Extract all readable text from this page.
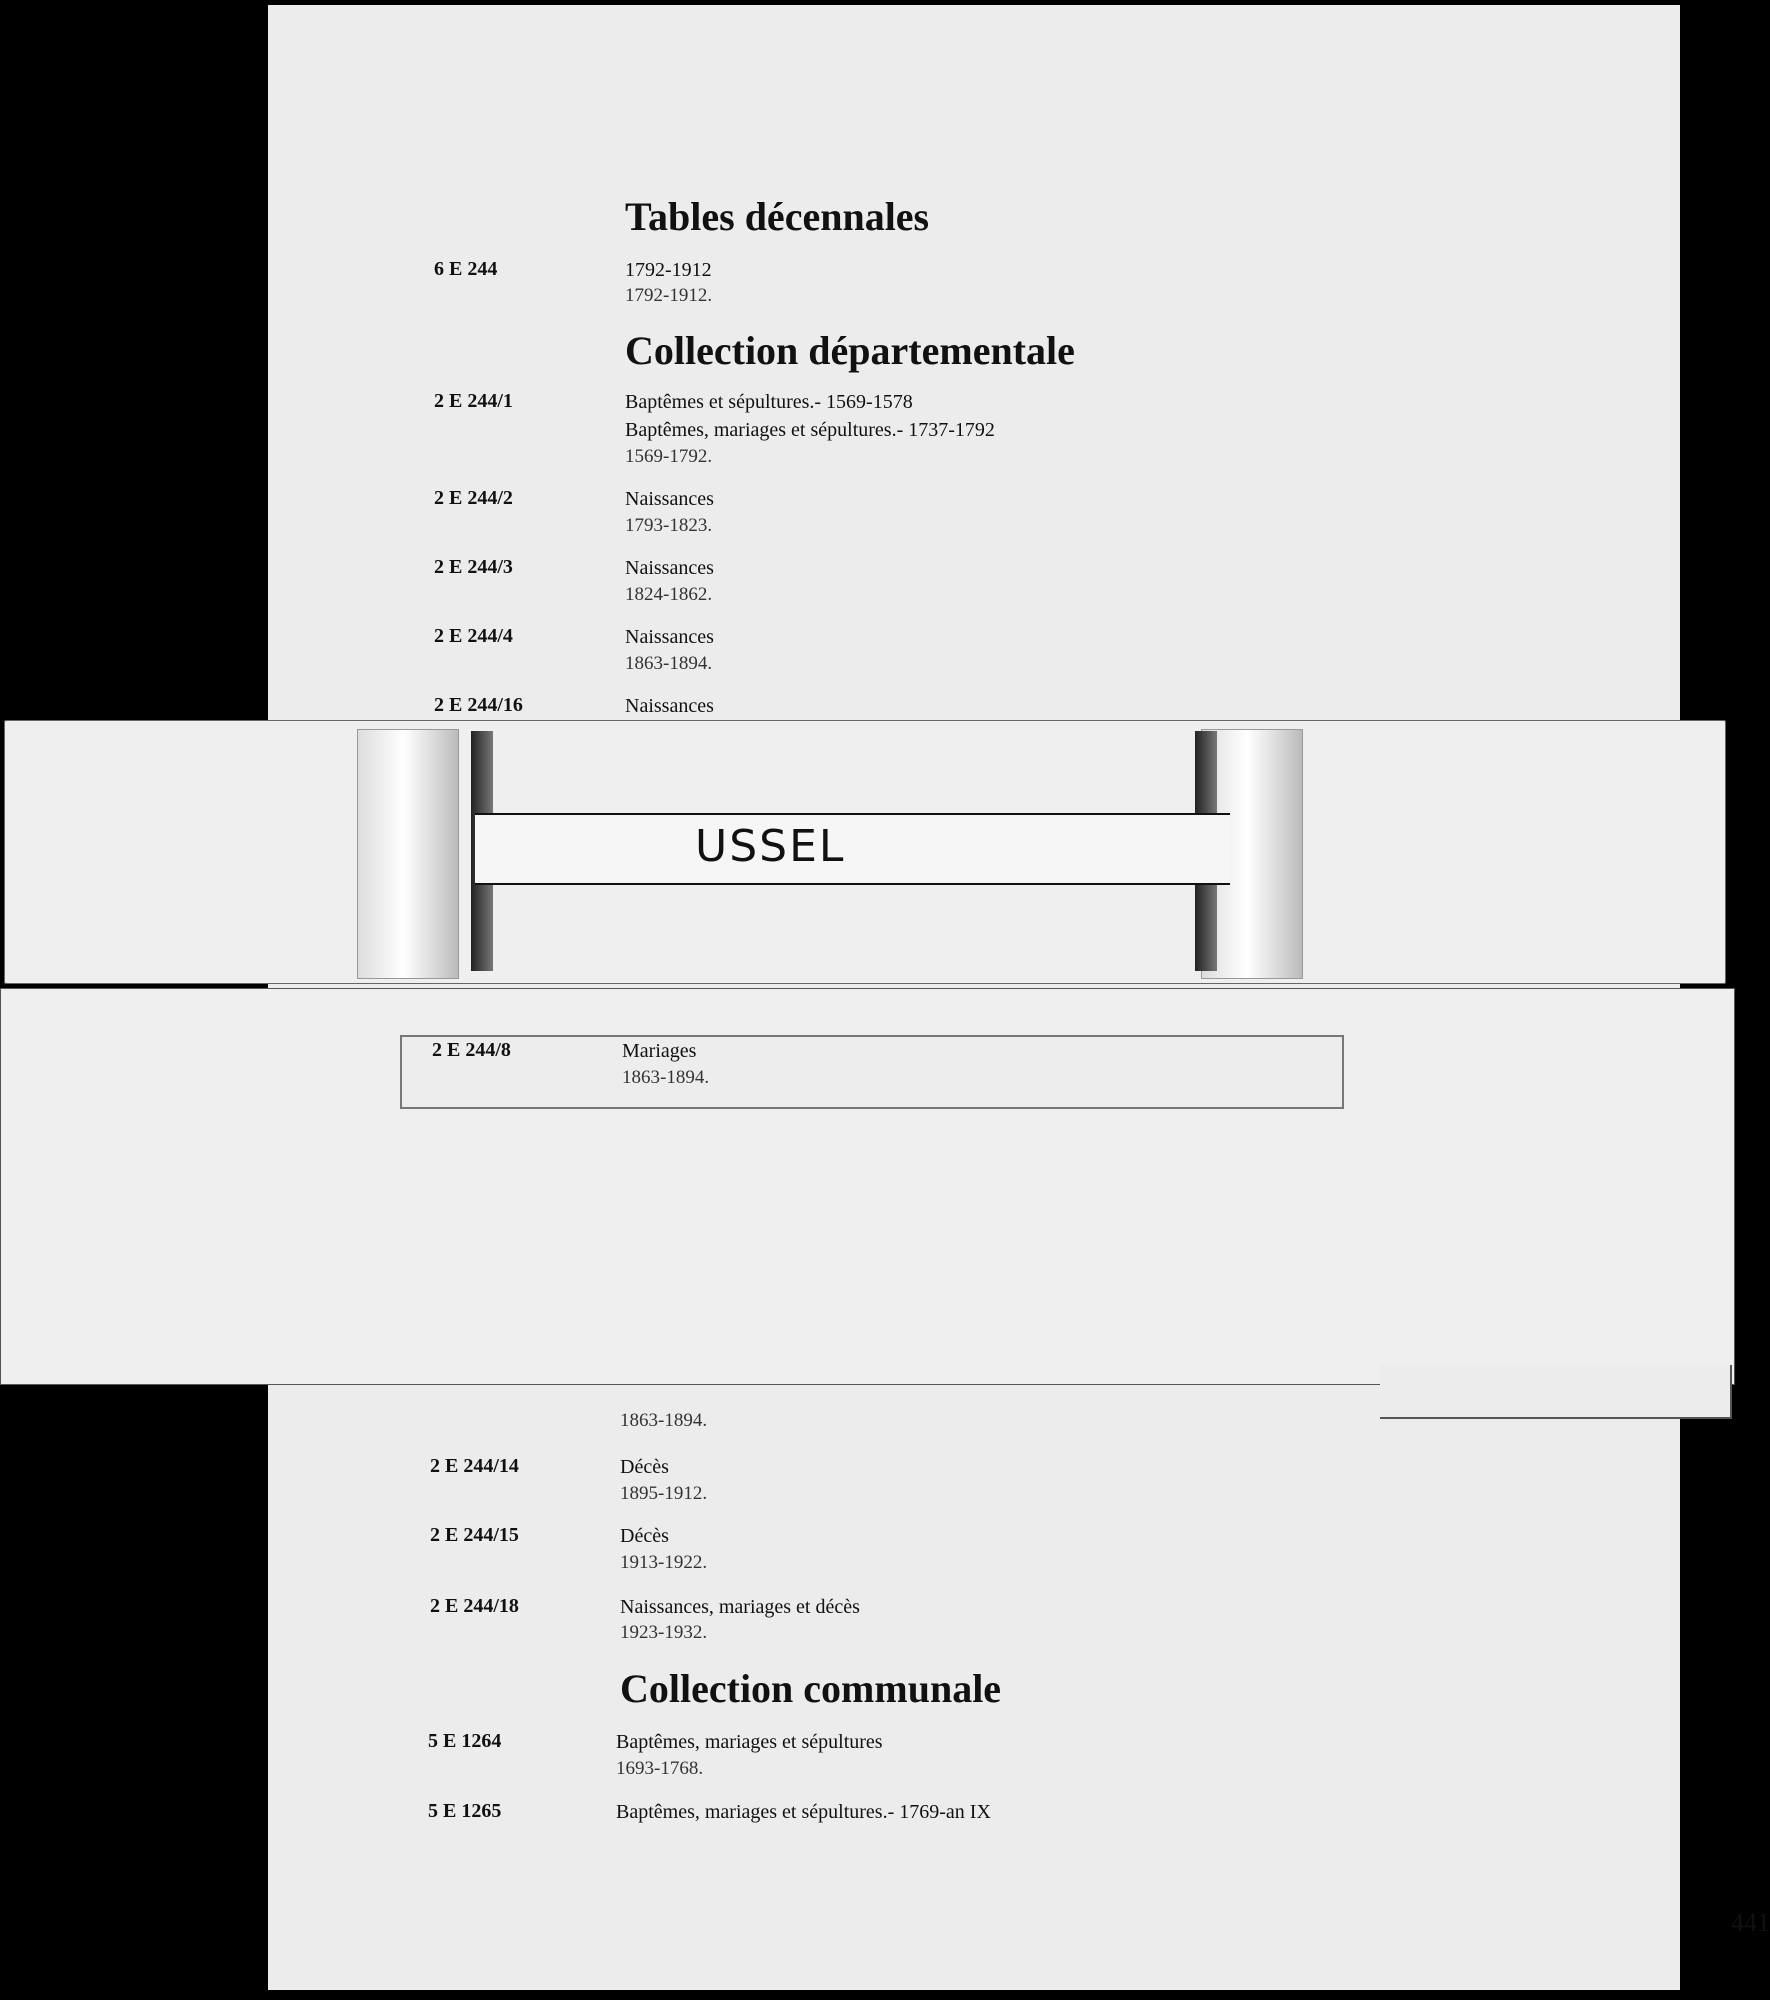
Tables décennales
6 E 244	1792-1912
1792-1912.
Collection départementale
2 E 244/1	Baptêmes et sépultures.- 1569-1578
Baptêmes, mariages et sépultures.- 1737-1792
1569-1792.
2 E 244/2	Naissances
1793-1823.
2 E 244/3	Naissances
1824-1862.
2 E 244/4	Naissances
1863-1894.
2 E 244/16	Naissances
1863-1894.
2 E 244/14	Décès
1895-1912.
2 E 244/15	Décès
1913-1922.
2 E 244/18	Naissances, mariages et décès
1923-1932.
Collection communale
5 E 1264	Baptêmes, mariages et sépultures
1693-1768.
5 E 1265	Baptêmes, mariages et sépultures.- 1769-an IX
441
2 E 244/8	Mariages
1863-1894.
USSEL
